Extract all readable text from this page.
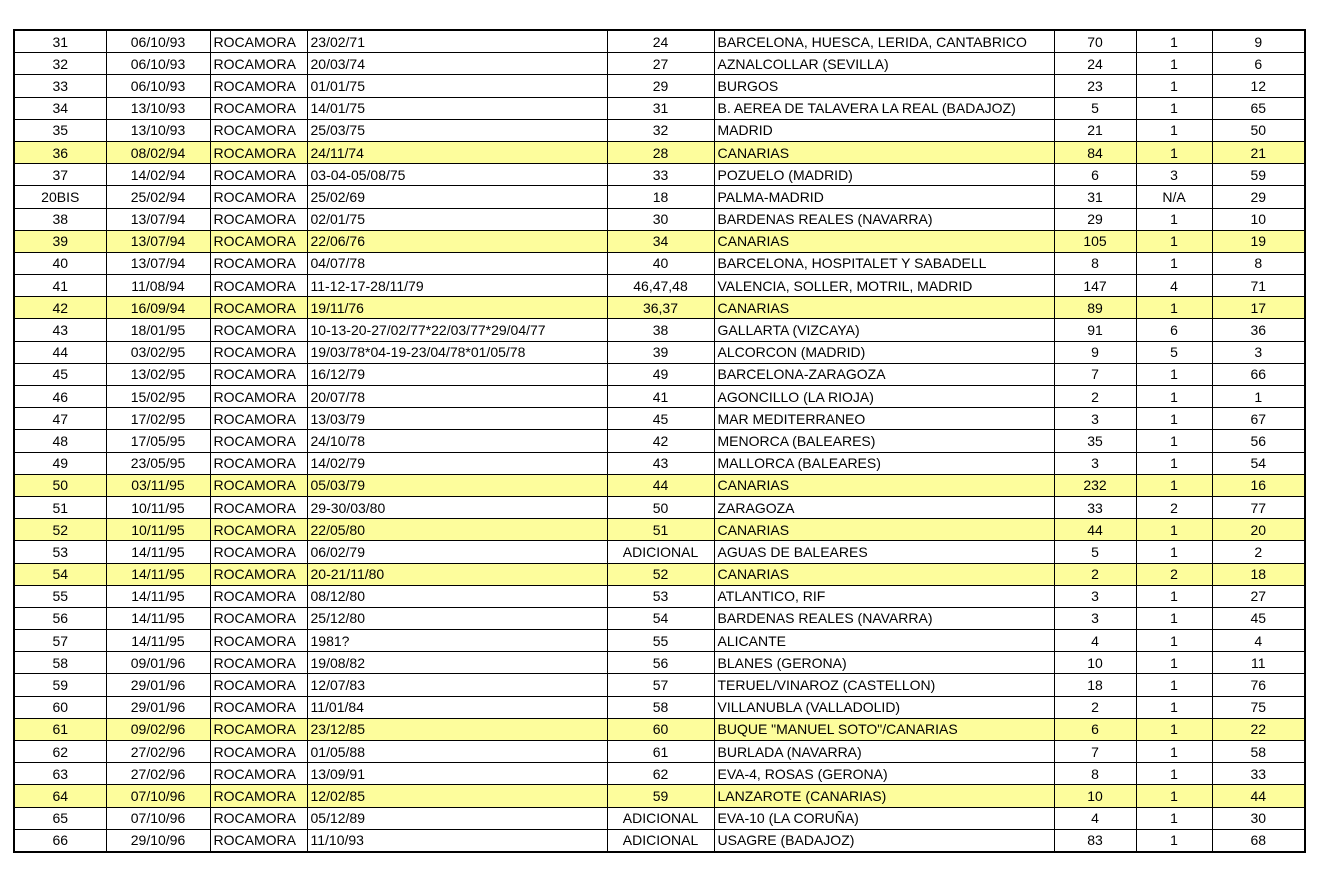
31	06/10/93	ROCAMORA	23/02/71	24	BARCELONA, HUESCA, LERIDA, CANTABRICO	70	1	9
32	06/10/93	ROCAMORA	20/03/74	27	AZNALCOLLAR (SEVILLA)	24	1	6
33	06/10/93	ROCAMORA	01/01/75	29	BURGOS	23	1	12
34	13/10/93	ROCAMORA	14/01/75	31	B. AEREA DE TALAVERA LA REAL (BADAJOZ)	5	1	65
35	13/10/93	ROCAMORA	25/03/75	32	MADRID	21	1	50
36	08/02/94	ROCAMORA	24/11/74	28	CANARIAS	84	1	21
37	14/02/94	ROCAMORA	03-04-05/08/75	33	POZUELO (MADRID)	6	3	59
20BIS	25/02/94	ROCAMORA	25/02/69	18	PALMA-MADRID	31	N/A	29
38	13/07/94	ROCAMORA	02/01/75	30	BARDENAS REALES (NAVARRA)	29	1	10
39	13/07/94	ROCAMORA	22/06/76	34	CANARIAS	105	1	19
40	13/07/94	ROCAMORA	04/07/78	40	BARCELONA, HOSPITALET Y SABADELL	8	1	8
41	11/08/94	ROCAMORA	11-12-17-28/11/79	46,47,48	VALENCIA, SOLLER, MOTRIL, MADRID	147	4	71
42	16/09/94	ROCAMORA	19/11/76	36,37	CANARIAS	89	1	17
43	18/01/95	ROCAMORA	10-13-20-27/02/77*22/03/77*29/04/77	38	GALLARTA (VIZCAYA)	91	6	36
44	03/02/95	ROCAMORA	19/03/78*04-19-23/04/78*01/05/78	39	ALCORCON (MADRID)	9	5	3
45	13/02/95	ROCAMORA	16/12/79	49	BARCELONA-ZARAGOZA	7	1	66
46	15/02/95	ROCAMORA	20/07/78	41	AGONCILLO (LA RIOJA)	2	1	1
47	17/02/95	ROCAMORA	13/03/79	45	MAR MEDITERRANEO	3	1	67
48	17/05/95	ROCAMORA	24/10/78	42	MENORCA (BALEARES)	35	1	56
49	23/05/95	ROCAMORA	14/02/79	43	MALLORCA (BALEARES)	3	1	54
50	03/11/95	ROCAMORA	05/03/79	44	CANARIAS	232	1	16
51	10/11/95	ROCAMORA	29-30/03/80	50	ZARAGOZA	33	2	77
52	10/11/95	ROCAMORA	22/05/80	51	CANARIAS	44	1	20
53	14/11/95	ROCAMORA	06/02/79	ADICIONAL	AGUAS DE BALEARES	5	1	2
54	14/11/95	ROCAMORA	20-21/11/80	52	CANARIAS	2	2	18
55	14/11/95	ROCAMORA	08/12/80	53	ATLANTICO, RIF	3	1	27
56	14/11/95	ROCAMORA	25/12/80	54	BARDENAS REALES (NAVARRA)	3	1	45
57	14/11/95	ROCAMORA	1981?	55	ALICANTE	4	1	4
58	09/01/96	ROCAMORA	19/08/82	56	BLANES (GERONA)	10	1	11
59	29/01/96	ROCAMORA	12/07/83	57	TERUEL/VINAROZ (CASTELLON)	18	1	76
60	29/01/96	ROCAMORA	11/01/84	58	VILLANUBLA (VALLADOLID)	2	1	75
61	09/02/96	ROCAMORA	23/12/85	60	BUQUE "MANUEL SOTO"/CANARIAS	6	1	22
62	27/02/96	ROCAMORA	01/05/88	61	BURLADA (NAVARRA)	7	1	58
63	27/02/96	ROCAMORA	13/09/91	62	EVA-4, ROSAS (GERONA)	8	1	33
64	07/10/96	ROCAMORA	12/02/85	59	LANZAROTE (CANARIAS)	10	1	44
65	07/10/96	ROCAMORA	05/12/89	ADICIONAL	EVA-10 (LA CORUÑA)	4	1	30
66	29/10/96	ROCAMORA	11/10/93	ADICIONAL	USAGRE (BADAJOZ)	83	1	68
